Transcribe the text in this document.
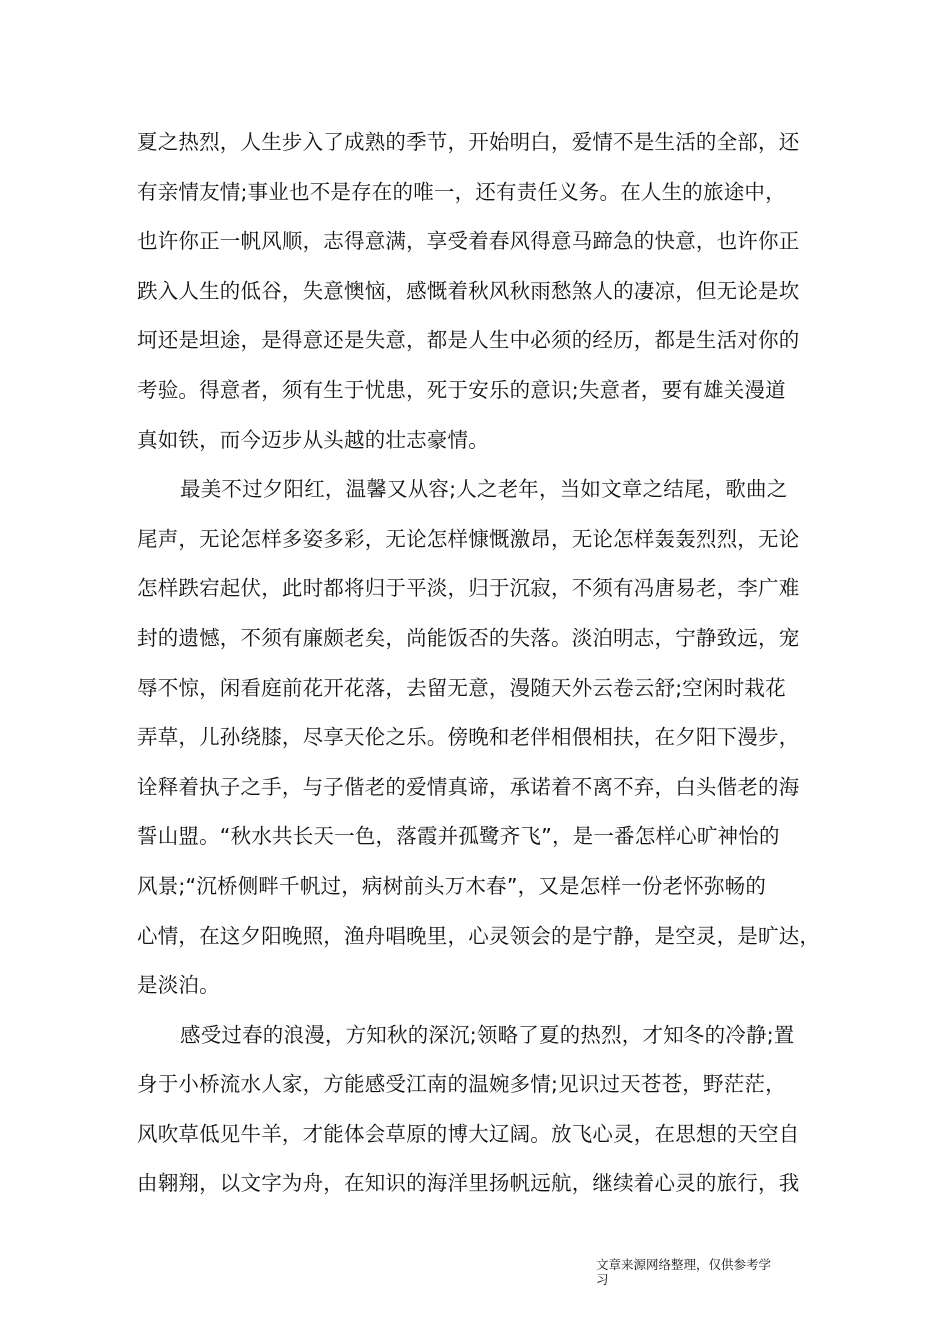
夏之热烈，人生步入了成熟的季节，开始明白，爱情不是生活的全部，还
有亲情友情;事业也不是存在的唯一，还有责任义务。在人生的旅途中，
也许你正一帆风顺，志得意满，享受着春风得意马蹄急的快意，也许你正
跌入人生的低谷，失意懊恼，感慨着秋风秋雨愁煞人的凄凉，但无论是坎
坷还是坦途，是得意还是失意，都是人生中必须的经历，都是生活对你的
考验。得意者，须有生于忧患，死于安乐的意识;失意者，要有雄关漫道
真如铁，而今迈步从头越的壮志豪情。
最美不过夕阳红，温馨又从容;人之老年，当如文章之结尾，歌曲之
尾声，无论怎样多姿多彩，无论怎样慷慨激昂，无论怎样轰轰烈烈，无论
怎样跌宕起伏，此时都将归于平淡，归于沉寂，不须有冯唐易老，李广难
封的遗憾，不须有廉颇老矣，尚能饭否的失落。淡泊明志，宁静致远，宠
辱不惊，闲看庭前花开花落，去留无意，漫随天外云卷云舒;空闲时栽花
弄草，儿孙绕膝，尽享天伦之乐。傍晚和老伴相偎相扶，在夕阳下漫步，
诠释着执子之手，与子偕老的爱情真谛，承诺着不离不弃，白头偕老的海
誓山盟。“秋水共长天一色，落霞并孤鹭齐飞”，是一番怎样心旷神怡的
风景;“沉桥侧畔千帆过，病树前头万木春”，又是怎样一份老怀弥畅的
心情，在这夕阳晚照，渔舟唱晚里，心灵领会的是宁静，是空灵，是旷达，
是淡泊。
感受过春的浪漫，方知秋的深沉;领略了夏的热烈，才知冬的冷静;置
身于小桥流水人家，方能感受江南的温婉多情;见识过天苍苍，野茫茫，
风吹草低见牛羊，才能体会草原的博大辽阔。放飞心灵，在思想的天空自
由翱翔，以文字为舟，在知识的海洋里扬帆远航，继续着心灵的旅行，我
文章来源网络整理，仅供参考学
习
